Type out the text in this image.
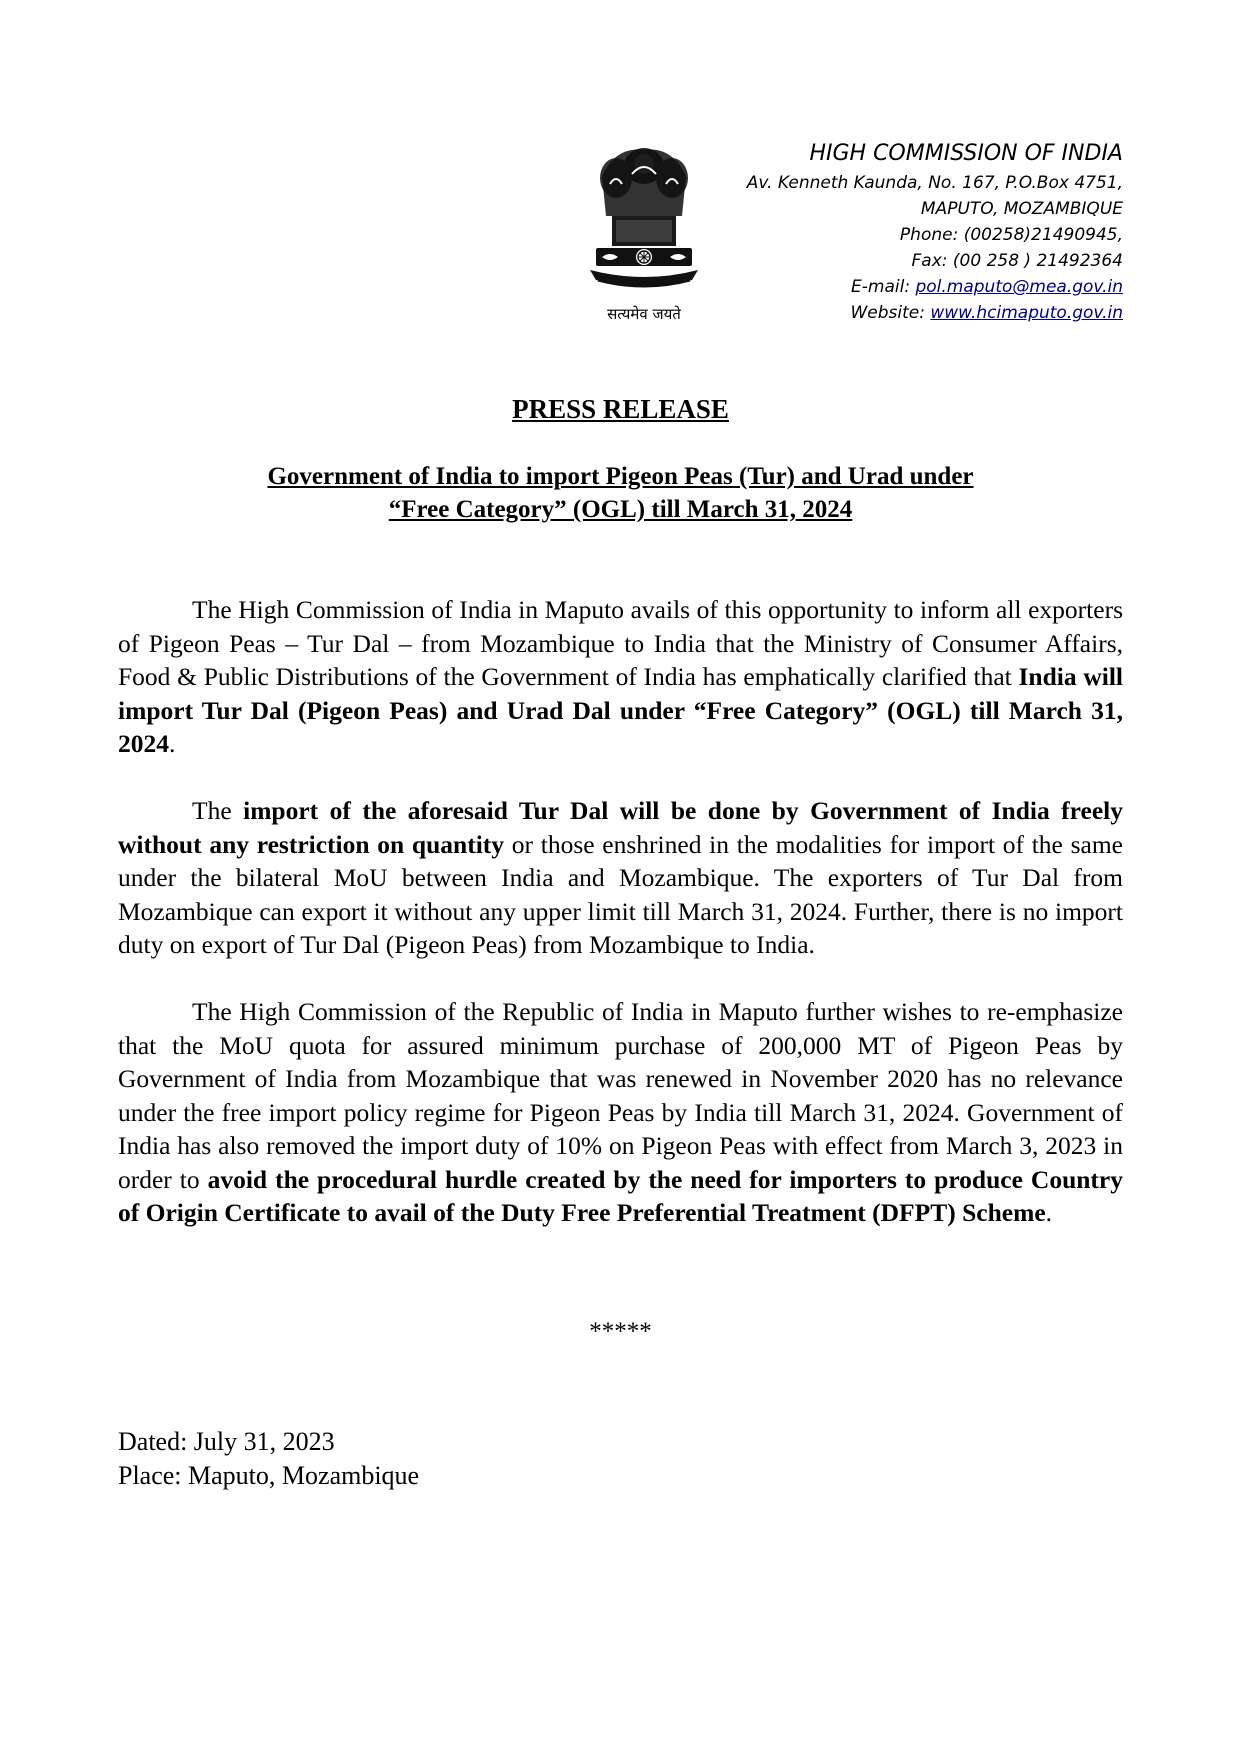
सत्यमेव जयते
HIGH COMMISSION OF INDIA
Av. Kenneth Kaunda, No. 167, P.O.Box 4751,
MAPUTO, MOZAMBIQUE
Phone: (00258)21490945,
Fax: (00 258 ) 21492364
E-mail: pol.maputo@mea.gov.in
Website: www.hcimaputo.gov.in
PRESS RELEASE
Government of India to import Pigeon Peas (Tur) and Urad under
“Free Category” (OGL) till March 31, 2024

The High Commission of India in Maputo avails of this opportunity to inform all exporters of Pigeon Peas – Tur Dal – from Mozambique to India that the Ministry of Consumer Affairs, Food & Public Distributions of the Government of India has emphatically clarified that India will import Tur Dal (Pigeon Peas) and Urad Dal under “Free Category” (OGL) till March 31, 2024.

The import of the aforesaid Tur Dal will be done by Government of India freely without any restriction on quantity or those enshrined in the modalities for import of the same under the bilateral MoU between India and Mozambique. The exporters of Tur Dal from Mozambique can export it without any upper limit till March 31, 2024. Further, there is no import duty on export of Tur Dal (Pigeon Peas) from Mozambique to India.

The High Commission of the Republic of India in Maputo further wishes to re-emphasize that the MoU quota for assured minimum purchase of 200,000 MT of Pigeon Peas by Government of India from Mozambique that was renewed in November 2020 has no relevance under the free import policy regime for Pigeon Peas by India till March 31, 2024. Government of India has also removed the import duty of 10% on Pigeon Peas with effect from March 3, 2023 in order to avoid the procedural hurdle created by the need for importers to produce Country of Origin Certificate to avail of the Duty Free Preferential Treatment (DFPT) Scheme.

*****
Dated: July 31, 2023
Place: Maputo, Mozambique
